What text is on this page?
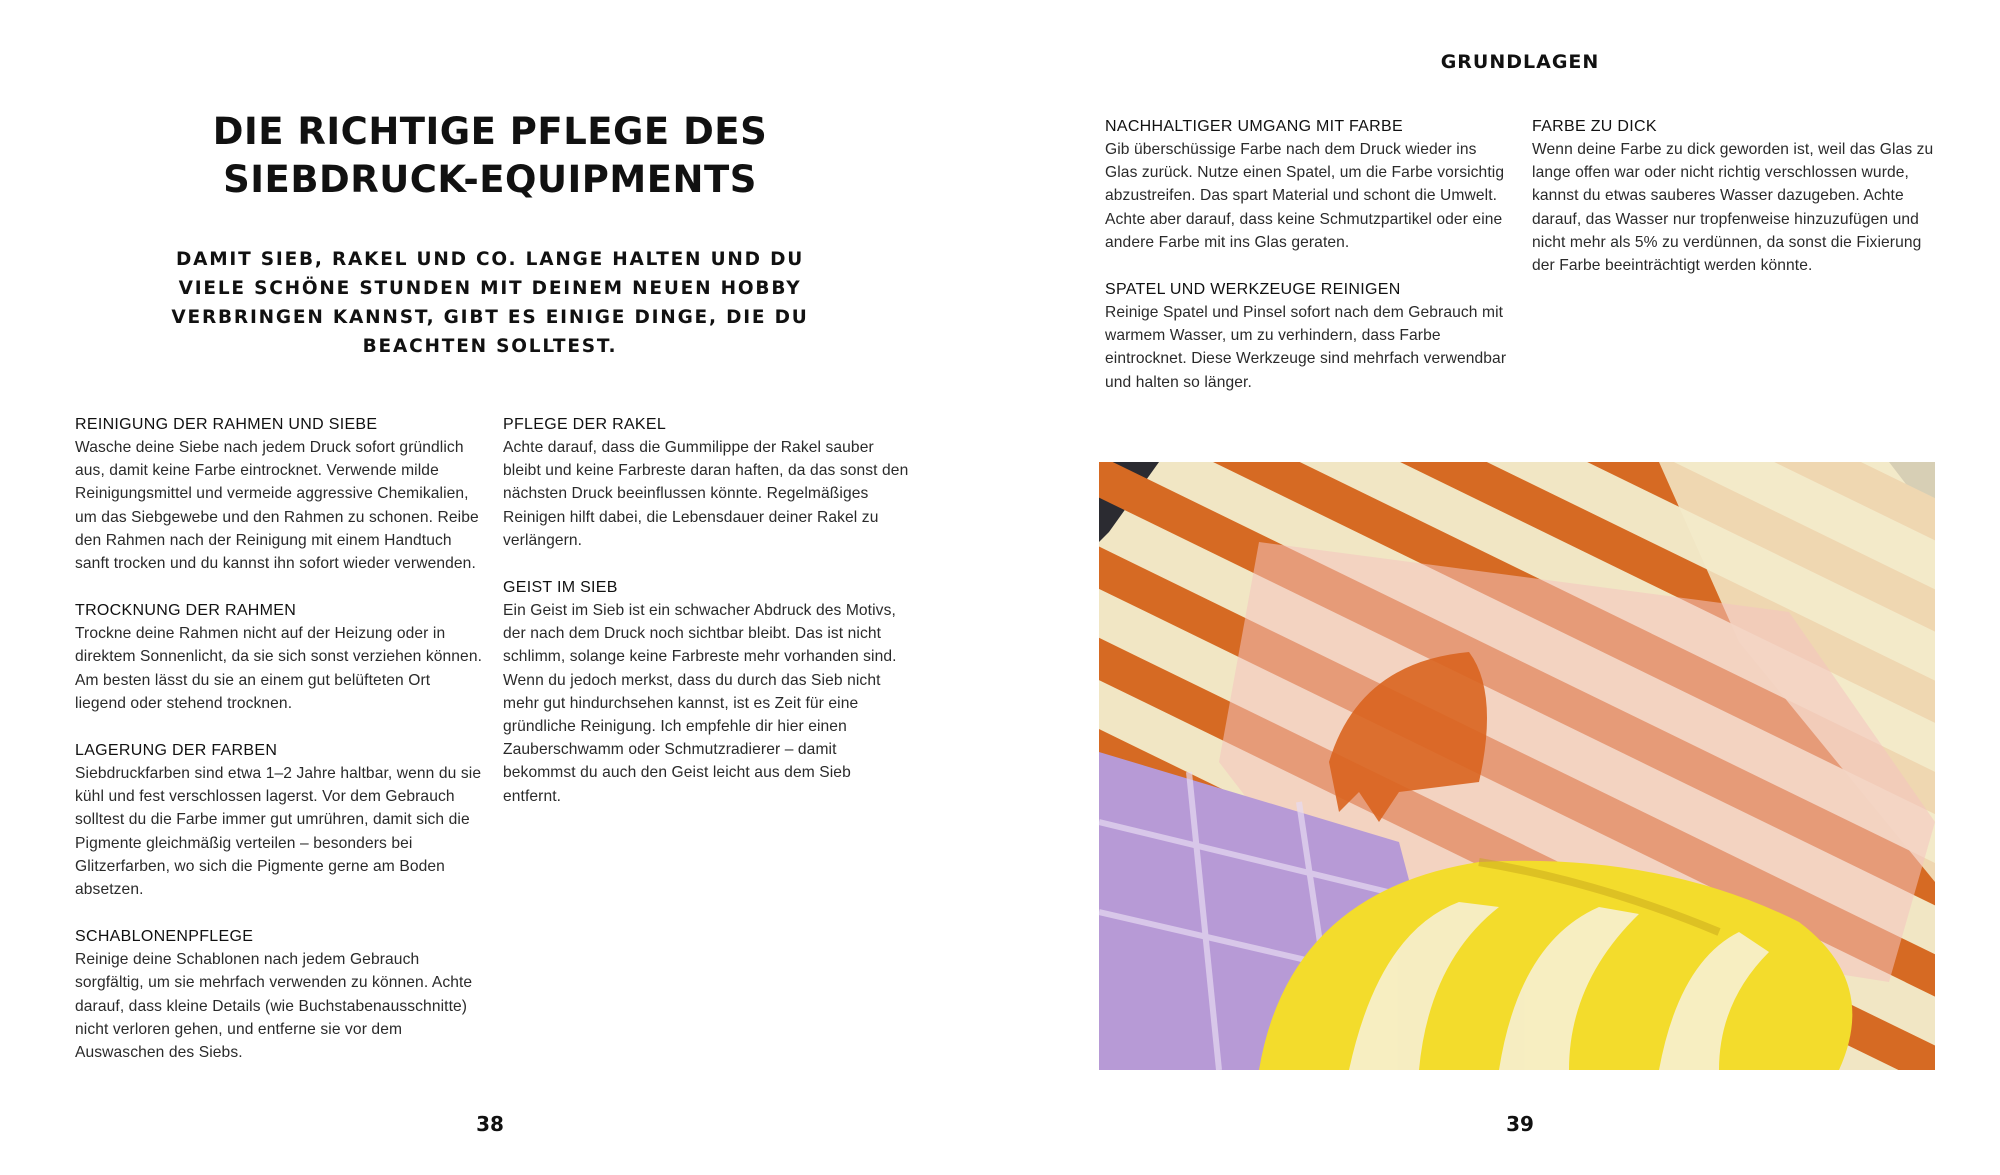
DIE RICHTIGE PFLEGE DES SIEBDRUCK-EQUIPMENTS

DAMIT SIEB, RAKEL UND CO. LANGE HALTEN UND DU VIELE SCHÖNE STUNDEN MIT DEINEM NEUEN HOBBY VERBRINGEN KANNST, GIBT ES EINIGE DINGE, DIE DU BEACHTEN SOLLTEST.

REINIGUNG DER RAHMEN UND SIEBE

Wasche deine Siebe nach jedem Druck sofort gründlich aus, damit keine Farbe eintrocknet. Verwende milde Reinigungsmittel und vermeide aggressive Chemikalien, um das Siebgewebe und den Rahmen zu schonen. Reibe den Rahmen nach der Reinigung mit einem Handtuch sanft trocken und du kannst ihn sofort wieder verwenden.

TROCKNUNG DER RAHMEN

Trockne deine Rahmen nicht auf der Heizung oder in direktem Sonnenlicht, da sie sich sonst verziehen können. Am besten lässt du sie an einem gut belüfteten Ort liegend oder stehend trocknen.

LAGERUNG DER FARBEN

Siebdruckfarben sind etwa 1–2 Jahre haltbar, wenn du sie kühl und fest verschlossen lagerst. Vor dem Gebrauch solltest du die Farbe immer gut umrühren, damit sich die Pigmente gleichmäßig verteilen – besonders bei Glitzerfarben, wo sich die Pigmente gerne am Boden absetzen.

SCHABLONENPFLEGE

Reinige deine Schablonen nach jedem Gebrauch sorgfältig, um sie mehrfach verwenden zu können. Achte darauf, dass kleine Details (wie Buchstabenausschnitte) nicht verloren gehen, und entferne sie vor dem Auswaschen des Siebs.

PFLEGE DER RAKEL

Achte darauf, dass die Gummilippe der Rakel sauber bleibt und keine Farbreste daran haften, da das sonst den nächsten Druck beeinflussen könnte. Regelmäßiges Reinigen hilft dabei, die Lebensdauer deiner Rakel zu verlängern.

GEIST IM SIEB

Ein Geist im Sieb ist ein schwacher Abdruck des Motivs, der nach dem Druck noch sichtbar bleibt. Das ist nicht schlimm, solange keine Farbreste mehr vorhanden sind. Wenn du jedoch merkst, dass du durch das Sieb nicht mehr gut hindurchsehen kannst, ist es Zeit für eine gründliche Reinigung. Ich empfehle dir hier einen Zauberschwamm oder Schmutzradierer – damit bekommst du auch den Geist leicht aus dem Sieb entfernt.

38
GRUNDLAGEN
NACHHALTIGER UMGANG MIT FARBE

Gib überschüssige Farbe nach dem Druck wieder ins Glas zurück. Nutze einen Spatel, um die Farbe vorsichtig abzustreifen. Das spart Material und schont die Umwelt. Achte aber darauf, dass keine Schmutzpartikel oder eine andere Farbe mit ins Glas geraten.

SPATEL UND WERKZEUGE REINIGEN

Reinige Spatel und Pinsel sofort nach dem Gebrauch mit warmem Wasser, um zu verhindern, dass Farbe eintrocknet. Diese Werkzeuge sind mehrfach verwendbar und halten so länger.

FARBE ZU DICK

Wenn deine Farbe zu dick geworden ist, weil das Glas zu lange offen war oder nicht richtig verschlossen wurde, kannst du etwas sauberes Wasser dazugeben. Achte darauf, das Wasser nur tropfenweise hinzuzufügen und nicht mehr als 5% zu verdünnen, da sonst die Fixierung der Farbe beeinträchtigt werden könnte.

39
